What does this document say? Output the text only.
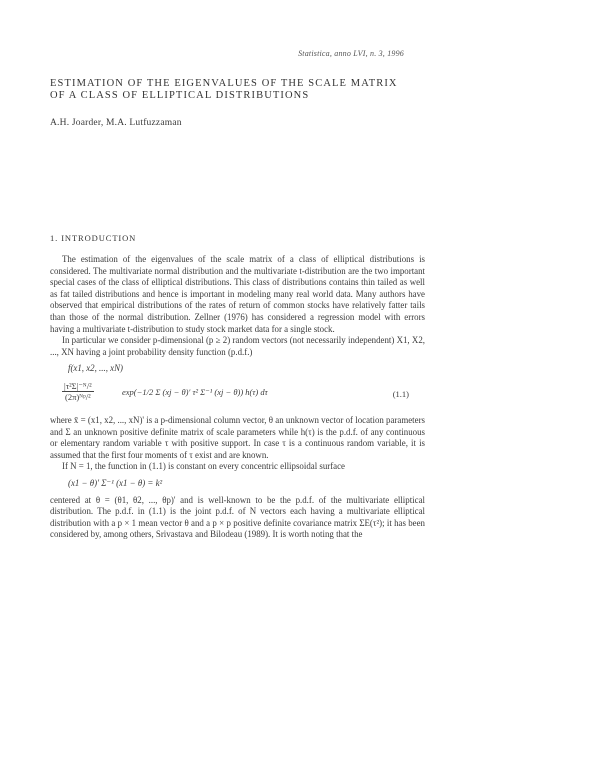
Statistica, anno LVI, n. 3, 1996
ESTIMATION OF THE EIGENVALUES OF THE SCALE MATRIX OF A CLASS OF ELLIPTICAL DISTRIBUTIONS
A.H. Joarder, M.A. Lutfuzzaman
1. INTRODUCTION

The estimation of the eigenvalues of the scale matrix of a class of elliptical distributions is considered. The multivariate normal distribution and the multivariate t-distribution are the two important special cases of the class of elliptical distributions. This class of distributions contains thin tailed as well as fat tailed distributions and hence is important in modeling many real world data. Many authors have observed that empirical distributions of the rates of return of common stocks have relatively fatter tails than those of the normal distribution. Zellner (1976) has considered a regression model with errors having a multivariate t-distribution to study stock market data for a single stock.

In particular we consider p-dimensional (p ≥ 2) random vectors (not necessarily independent) X1, X2, ..., XN having a joint probability density function (p.d.f.)

f(x1, x2, ..., xN)
$\frac{\text{|τ²Σ|⁻ᴺ/²}}{\text{(2π)ᴺᵖ/²}}$	exp(−1/2 Σ (xj − θ)′ τ² Σ⁻¹ (xj − θ)) h(τ) dτ	(1.1)

where x̄ = (x1, x2, ..., xN)' is a p-dimensional column vector, θ an unknown vector of location parameters and Σ an unknown positive definite matrix of scale parameters while h(τ) is the p.d.f. of any continuous or elementary random variable τ with positive support. In case τ is a continuous random variable, it is assumed that the first four moments of τ exist and are known.

If N = 1, the function in (1.1) is constant on every concentric ellipsoidal surface

(x1 − θ)′ Σ⁻¹ (x1 − θ) = k²

centered at θ = (θ1, θ2, ..., θp)' and is well-known to be the p.d.f. of the multivariate elliptical distribution. The p.d.f. in (1.1) is the joint p.d.f. of N vectors each having a multivariate elliptical distribution with a p × 1 mean vector θ and a p × p positive definite covariance matrix ΣE(τ²); it has been considered by, among others, Srivastava and Bilodeau (1989). It is worth noting that the
